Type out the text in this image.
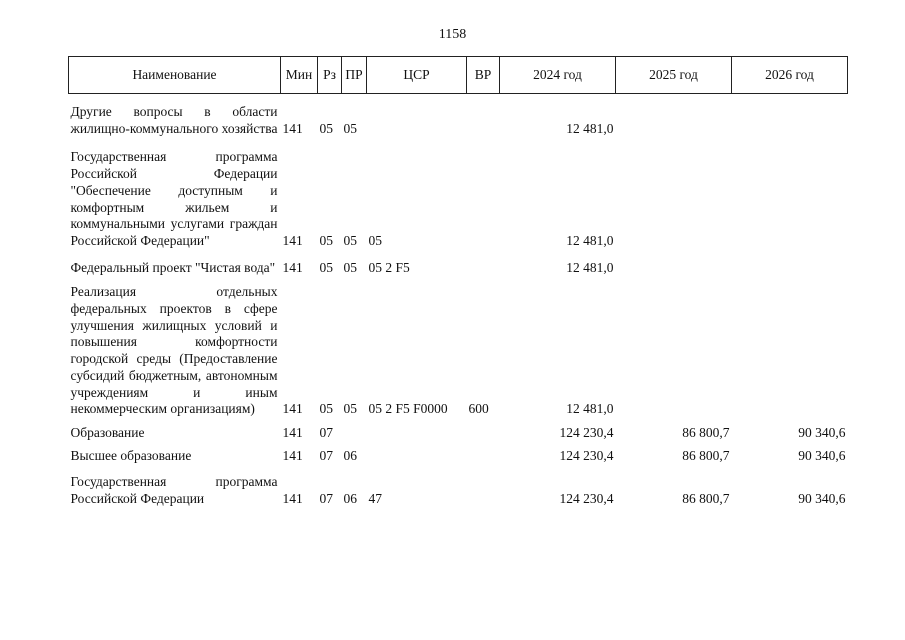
1158
Наименование	Мин	Рз	ПР	ЦСР	ВР	2024 год	2025 год	2026 год
Другие вопросы в области жилищно-коммунального хозяйства	141	05	05			12 481,0		
Государственная программа Российской Федерации "Обеспечение доступным и комфортным жильем и коммунальными услугами граждан Российской Федерации"	141	05	05	05		12 481,0		
Федеральный проект "Чистая вода"	141	05	05	05 2 F5		12 481,0		
Реализация отдельных федеральных проектов в сфере улучшения жилищных условий и повышения комфортности городской среды (Предоставление субсидий бюджетным, автономным учреждениям и иным некоммерческим организациям)	141	05	05	05 2 F5 F0000	600	12 481,0		
Образование	141	07				124 230,4	86 800,7	90 340,6
Высшее образование	141	07	06			124 230,4	86 800,7	90 340,6
Государственная программа Российской Федерации	141	07	06	47		124 230,4	86 800,7	90 340,6
